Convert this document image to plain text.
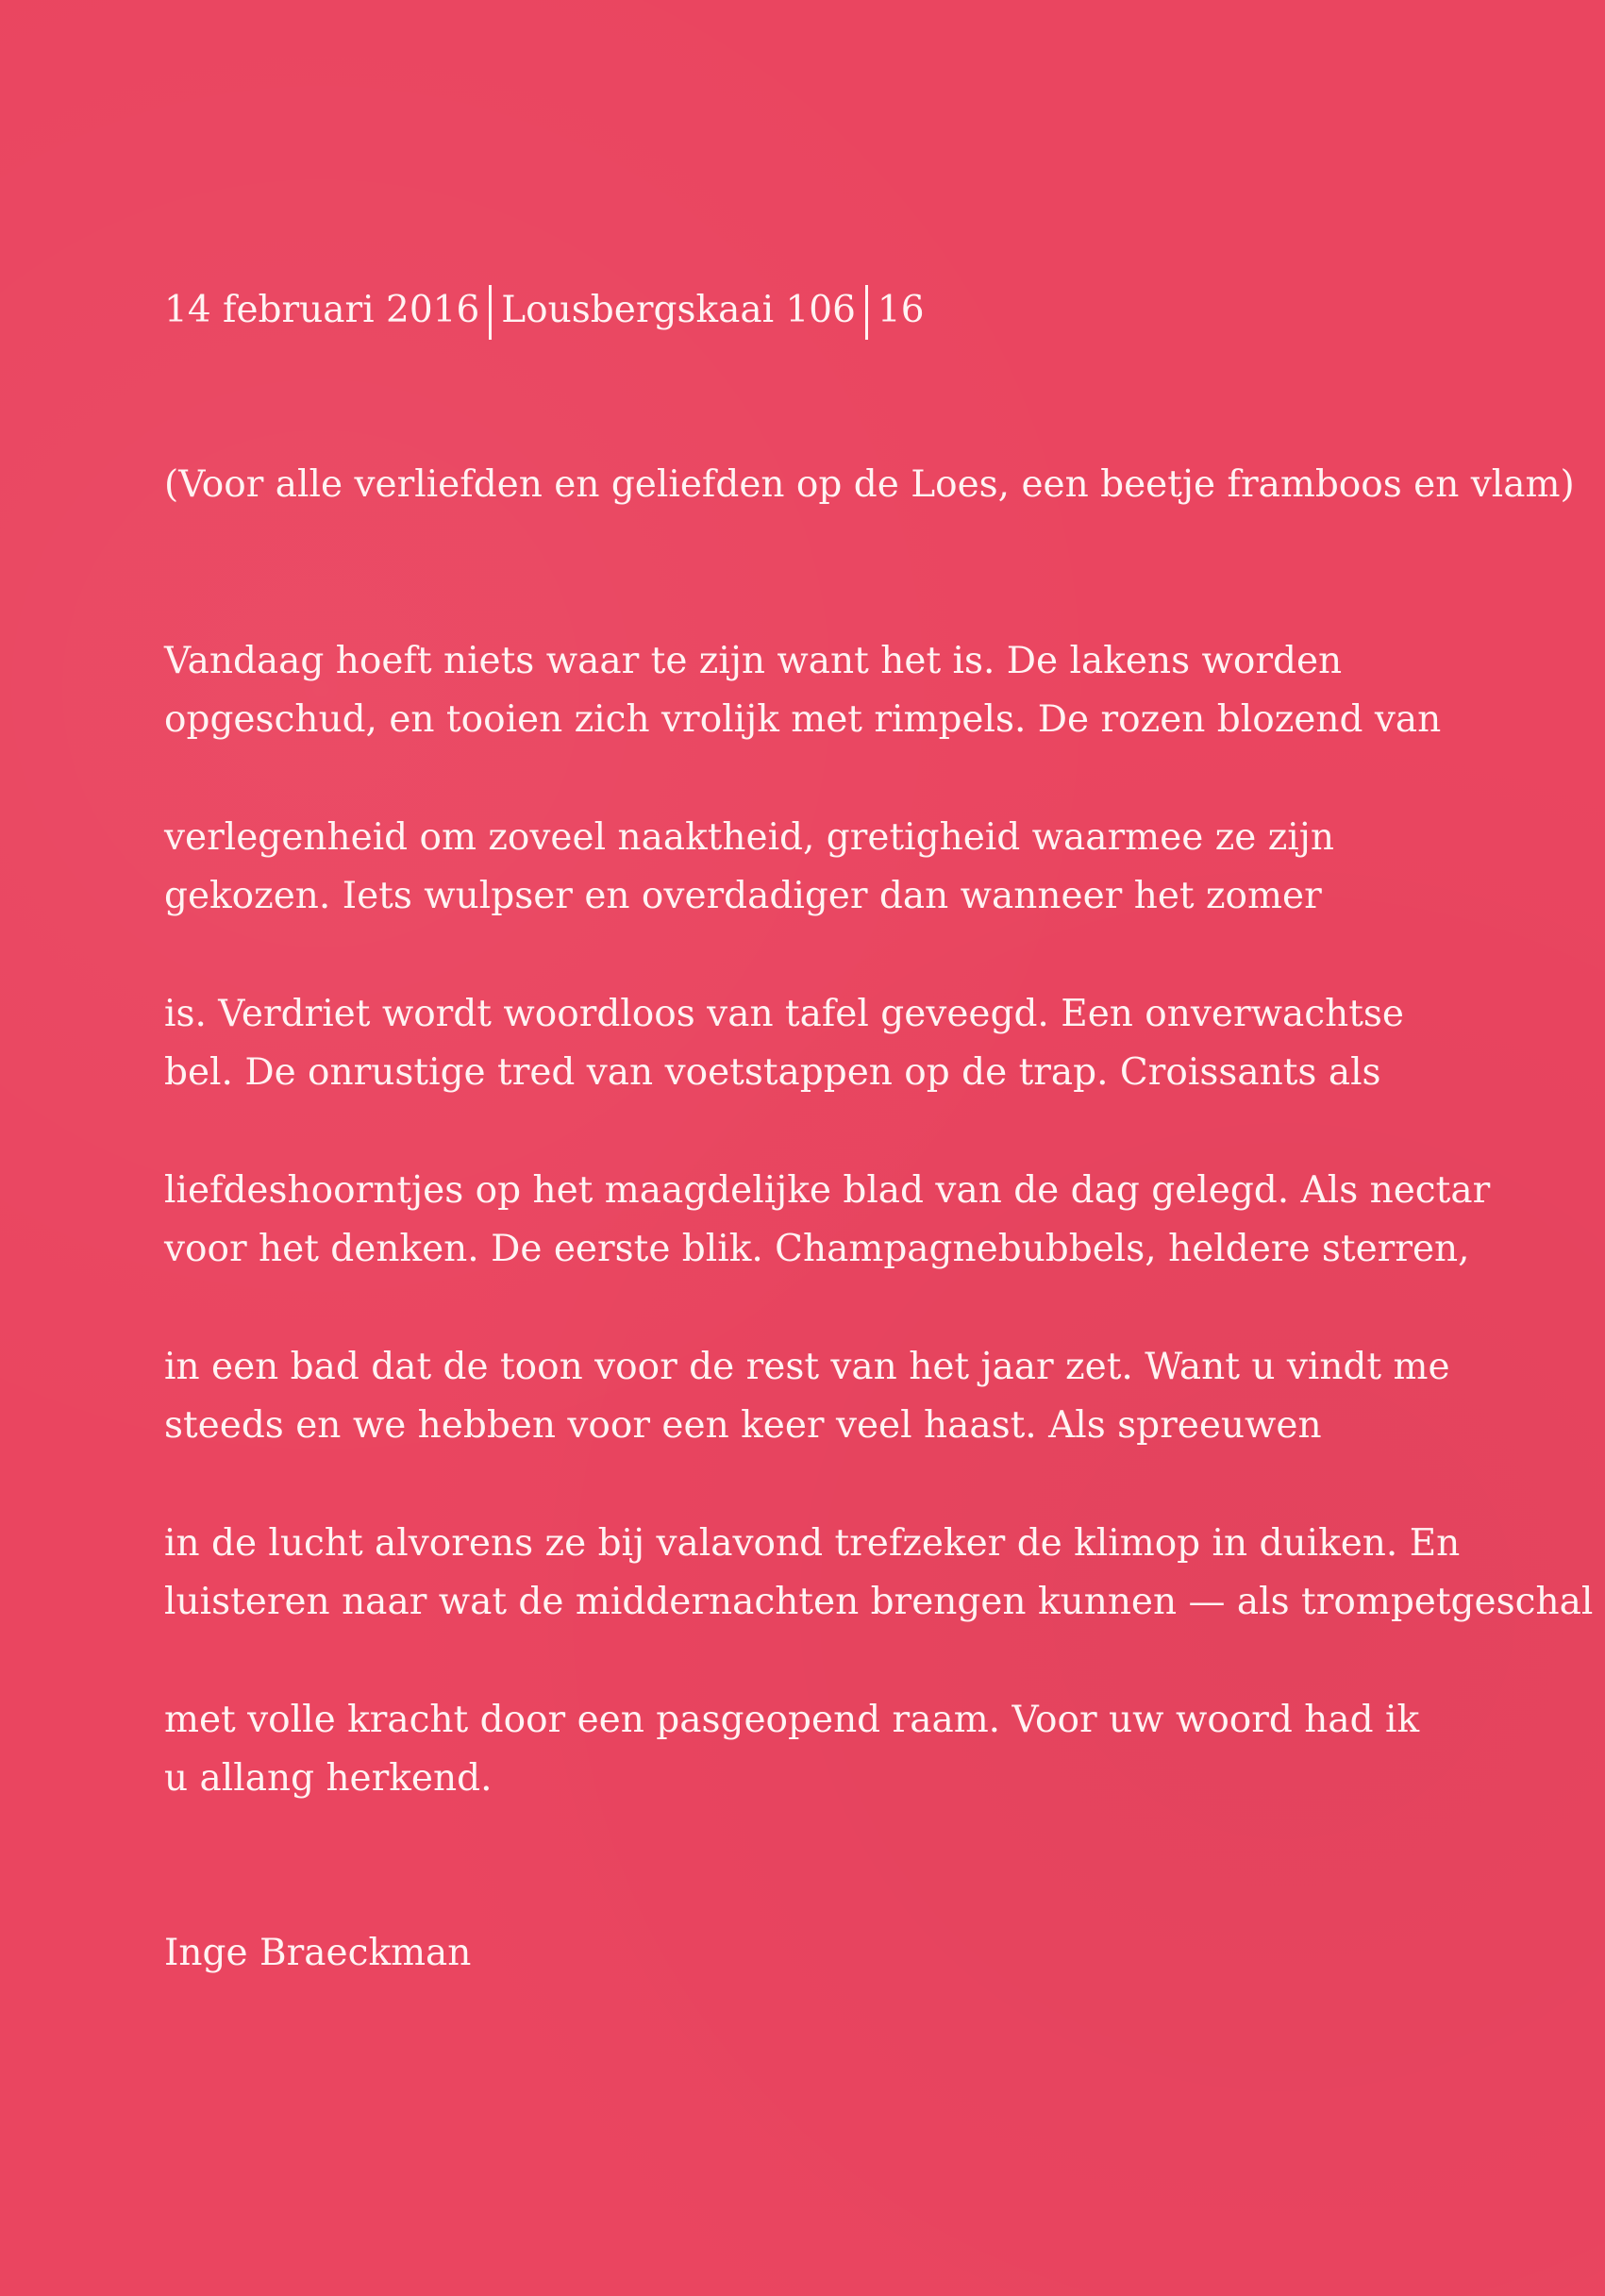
14 februari 2016 Lousbergskaai 106 16
(Voor alle verliefden en geliefden op de Loes, een beetje framboos en vlam)
Vandaag hoeft niets waar te zijn want het is. De lakens worden
opgeschud, en tooien zich vrolijk met rimpels. De rozen blozend van
verlegenheid om zoveel naaktheid, gretigheid waarmee ze zijn
gekozen. Iets wulpser en overdadiger dan wanneer het zomer
is. Verdriet wordt woordloos van tafel geveegd. Een onverwachtse
bel. De onrustige tred van voetstappen op de trap. Croissants als
liefdeshoorntjes op het maagdelijke blad van de dag gelegd. Als nectar
voor het denken. De eerste blik. Champagnebubbels, heldere sterren,
in een bad dat de toon voor de rest van het jaar zet. Want u vindt me
steeds en we hebben voor een keer veel haast. Als spreeuwen
in de lucht alvorens ze bij valavond trefzeker de klimop in duiken. En
luisteren naar wat de middernachten brengen kunnen — als trompetgeschal
met volle kracht door een pasgeopend raam. Voor uw woord had ik
u allang herkend.
Inge Braeckman
